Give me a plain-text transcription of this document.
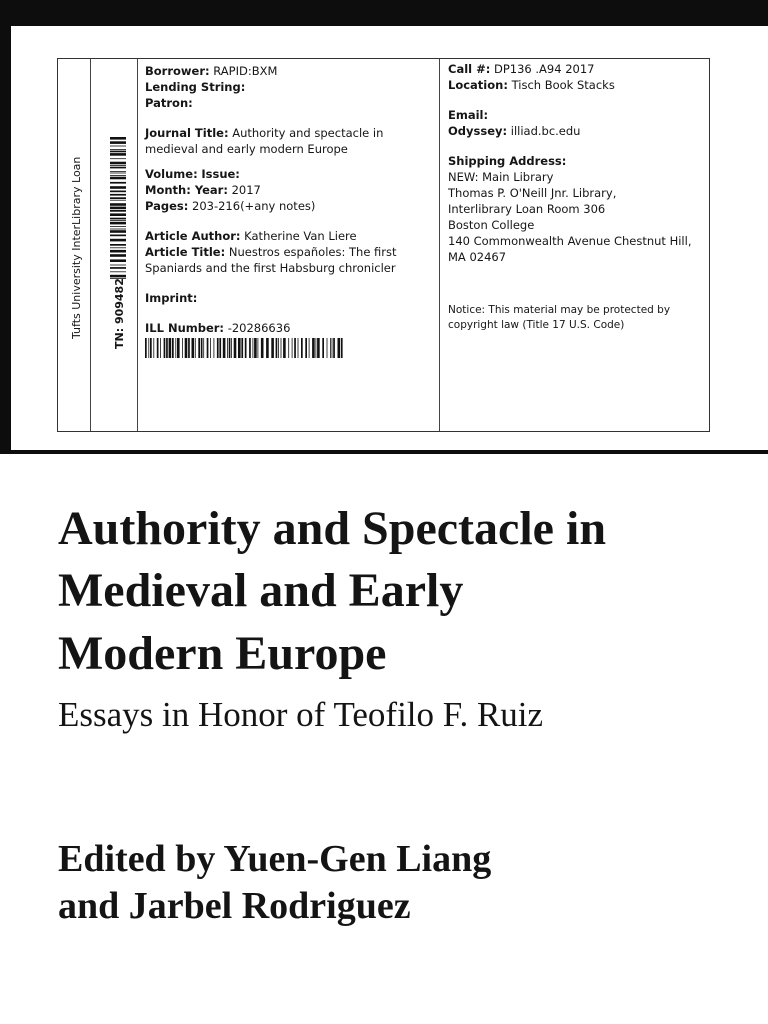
Tufts University InterLibrary Loan	TN: 909482
Borrower: RAPID:BXM
Lending String:
Patron:
Journal Title: Authority and spectacle in
medieval and early modern Europe
Volume: Issue:
Month: Year: 2017
Pages: 203-216(+any notes)
Article Author: Katherine Van Liere
Article Title: Nuestros españoles: The first
Spaniards and the first Habsburg chronicler
Imprint:
ILL Number: -20286636
Call #: DP136 .A94 2017
Location: Tisch Book Stacks
Email:
Odyssey: illiad.bc.edu
Shipping Address:
NEW: Main Library
Thomas P. O'Neill Jnr. Library,
Interlibrary Loan Room 306
Boston College
140 Commonwealth Avenue Chestnut Hill,
MA 02467
Notice: This material may be protected by
copyright law (Title 17 U.S. Code)
Authority and Spectacle in
Medieval and Early
Modern Europe
Essays in Honor of Teofilo F. Ruiz
Edited by Yuen-Gen Liang
and Jarbel Rodriguez
